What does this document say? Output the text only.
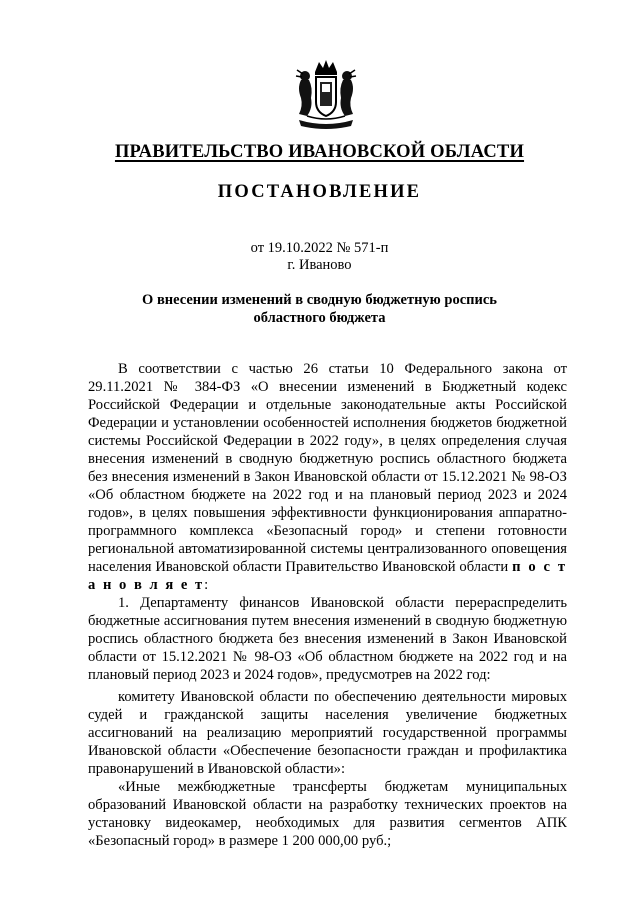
ПРАВИТЕЛЬСТВО ИВАНОВСКОЙ ОБЛАСТИ
ПОСТАНОВЛЕНИЕ
от 19.10.2022 № 571-п
г. Иваново
О внесении изменений в сводную бюджетную роспись
областного бюджета

В соответствии с частью 26 статьи 10 Федерального закона от 29.11.2021 № 384-ФЗ «О внесении изменений в Бюджетный кодекс Российской Федерации и отдельные законодательные акты Российской Федерации и установлении особенностей исполнения бюджетов бюджетной системы Российской Федерации в 2022 году», в целях определения случая внесения изменений в сводную бюджетную роспись областного бюджета без внесения изменений в Закон Ивановской области от 15.12.2021 № 98-ОЗ «Об областном бюджете на 2022 год и на плановый период 2023 и 2024 годов», в целях повышения эффективности функционирования аппаратно-программного комплекса «Безопасный город» и степени готовности региональной автоматизированной системы централизованного оповещения населения Ивановской области Правительство Ивановской области п о с т а н о в л я е т:

1. Департаменту финансов Ивановской области перераспределить бюджетные ассигнования путем внесения изменений в сводную бюджетную роспись областного бюджета без внесения изменений в Закон Ивановской области от 15.12.2021 № 98-ОЗ «Об областном бюджете на 2022 год и на плановый период 2023 и 2024 годов», предусмотрев на 2022 год:

комитету Ивановской области по обеспечению деятельности мировых судей и гражданской защиты населения увеличение бюджетных ассигнований на реализацию мероприятий государственной программы Ивановской области «Обеспечение безопасности граждан и профилактика правонарушений в Ивановской области»:

«Иные межбюджетные трансферты бюджетам муниципальных образований Ивановской области на разработку технических проектов на установку видеокамер, необходимых для развития сегментов АПК «Безопасный город» в размере 1 200 000,00 руб.;
